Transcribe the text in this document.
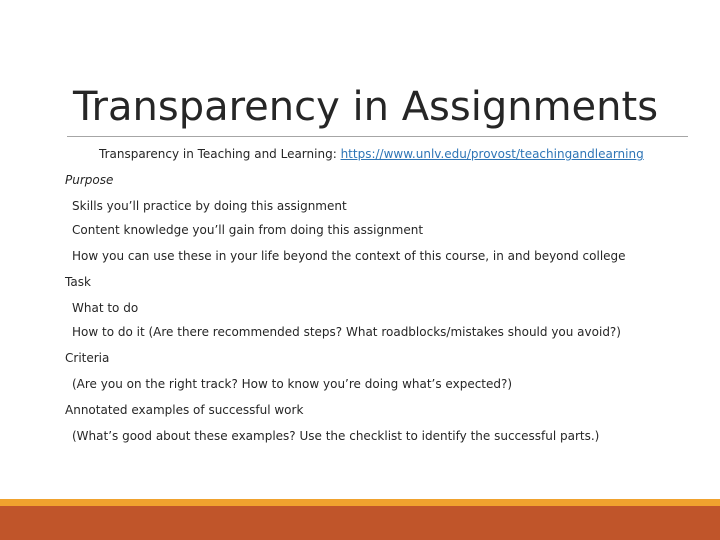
Transparency in Assignments
Transparency in Teaching and Learning: https://www.unlv.edu/provost/teachingandlearning
Purpose
Skills you’ll practice by doing this assignment
Content knowledge you’ll gain from doing this assignment
How you can use these in your life beyond the context of this course, in and beyond college
Task
What to do
How to do it (Are there recommended steps? What roadblocks/mistakes should you avoid?)
Criteria
(Are you on the right track? How to know you’re doing what’s expected?)
Annotated examples of successful work
(What’s good about these examples? Use the checklist to identify the successful parts.)
